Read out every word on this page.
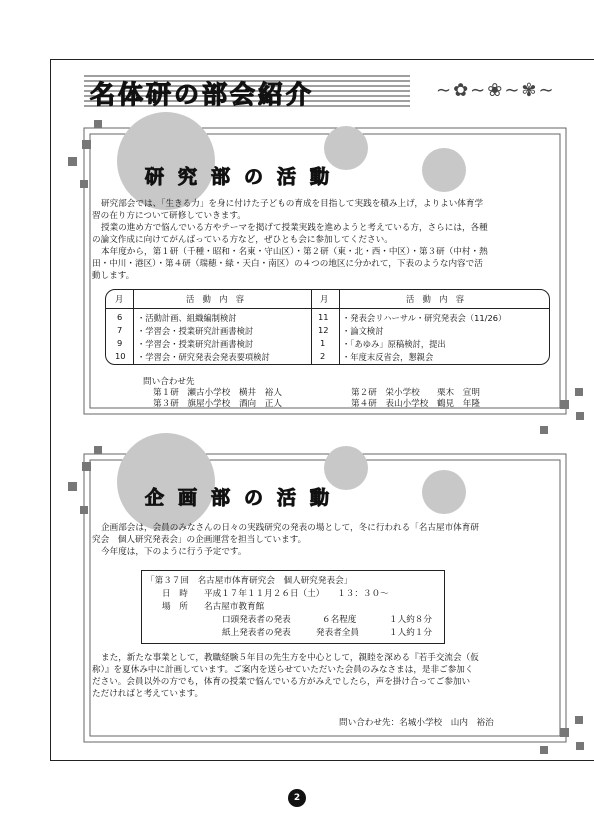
名体研の部会紹介	∼✿∼❀∼✾∼
研究部の活動

研究部会では、「生きる力」を身に付けた子どもの育成を目指して実践を積み上げ，よりよい体育学

習の在り方について研修していきます。

授業の進め方で悩んでいる方やテーマを掲げて授業実践を進めようと考えている方，さらには，各種

の論文作成に向けてがんばっている方など，ぜひとも会に参加してください。

本年度から，第１研（千種・昭和・名東・守山区）・第２研（東・北・西・中区）・第３研（中村・熱

田・中川・港区）・第４研（瑞穂・緑・天白・南区）の４つの地区に分かれて，下表のような内容で活

動します。

月	活　動　内　容	月	活　動　内　容
6 ・活動計画、組織編制検討	11 ・発表会リハーサル・研究発表会（11/26）
7 ・学習会・授業研究計画書検討	12 ・論文検討
9 ・学習会・授業研究計画書検討	1 ・「あゆみ」原稿検討，提出
10 ・学習会・研究発表会発表要項検討	2 ・年度末反省会，懇親会
問い合わせ先
第１研　瀬古小学校　横井　裕人	第２研　栄小学校　　栗木　宣明
第３研　旗屋小学校　酒向　正人	第４研　表山小学校　鶴見　年隆
企画部の活動

企画部会は，会員のみなさんの日々の実践研究の発表の場として，冬に行われる「名古屋市体育研

究会　個人研究発表会」の企画運営を担当しています。

今年度は，下のように行う予定です。

「第３７回　名古屋市体育研究会　個人研究発表会」
日　時 平成１７年１１月２６日（土）　　１３：３０～
場　所 名古屋市教育館
口頭発表者の発表	６名程度	１人約８分
紙上発表者の発表	発表者全員	１人約１分

また，新たな事業として，教職経験５年目の先生方を中心として，親睦を深める『若手交流会（仮

称）』を夏休み中に計画しています。ご案内を送らせていただいた会員のみなさまは，是非ご参加く

ださい。会員以外の方でも，体育の授業で悩んでいる方がみえでしたら，声を掛け合ってご参加い

ただければと考えています。

問い合わせ先：名城小学校　山内　裕治
2
